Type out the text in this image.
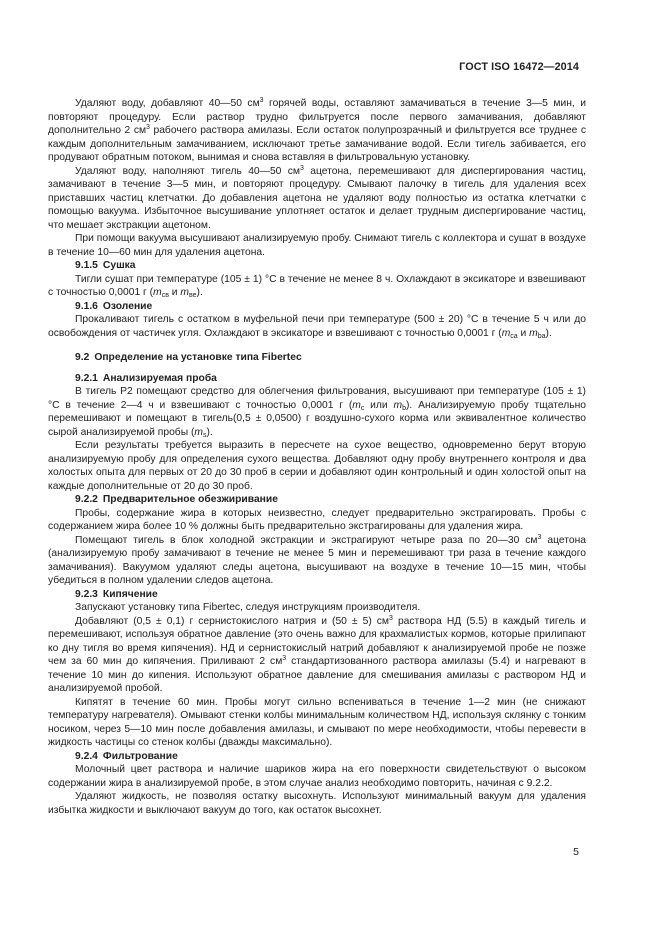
ГОСТ ISO 16472—2014

Удаляют воду, добавляют 40—50 $см^3$ горячей воды, оставляют замачиваться в течение 3—5 мин, и повторяют процедуру. Если раствор трудно фильтруется после первого замачивания, добавляют дополнительно 2 $см^3$ рабочего раствора амилазы. Если остаток полупрозрачный и фильтруется все труднее с каждым дополнительным замачиванием, исключают третье замачивание водой. Если тигель забивается, его продувают обратным потоком, вынимая и снова вставляя в фильтровальную установку.

Удаляют воду, наполняют тигель 40—50 $см^3$ ацетона, перемешивают для диспергирования частиц, замачивают в течение 3—5 мин, и повторяют процедуру. Смывают палочку в тигель для удаления всех приставших частиц клетчатки. До добавления ацетона не удаляют воду полностью из остатка клетчатки с помощью вакуума. Избыточное высушивание уплотняет остаток и делает трудным диспергирование частиц, что мешает экстракции ацетоном.

При помощи вакуума высушивают анализируемую пробу. Снимают тигель с коллектора и сушат в воздухе в течение 10—60 мин для удаления ацетона.

9.1.5 Сушка

Тигли сушат при температуре (105 ± 1) °С в течение не менее 8 ч. Охлаждают в эксикаторе и взвешивают с точностью 0,0001 г ($m_{св}$ и $m_{ве}$).

9.1.6 Озоление

Прокаливают тигель с остатком в муфельной печи при температуре (500 ± 20) °С в течение 5 ч или до освобождения от частичек угля. Охлаждают в эксикаторе и взвешивают с точностью 0,0001 г ($m_{са}$ и $m_{ba}$).

9.2 Определение на установке типа Fibertec

9.2.1 Анализируемая проба

В тигель Р2 помещают средство для облегчения фильтрования, высушивают при температуре (105 ± 1) °С в течение 2—4 ч и взвешивают с точностью 0,0001 г ($m_c$ или $m_b$). Анализируемую пробу тщательно перемешивают и помещают в тигель(0,5 ± 0,0500) г воздушно-сухого корма или эквивалентное количество сырой анализируемой пробы $(m_s)$.

Если результаты требуется выразить в пересчете на сухое вещество, одновременно берут вторую анализируемую пробу для определения сухого вещества. Добавляют одну пробу внутреннего контроля и два холостых опыта для первых от 20 до 30 проб в серии и добавляют один контрольный и один холостой опыт на каждые дополнительные от 20 до 30 проб.

9.2.2 Предварительное обезжиривание

Пробы, содержание жира в которых неизвестно, следует предварительно экстрагировать. Пробы с содержанием жира более 10 % должны быть предварительно экстрагированы для удаления жира.

Помещают тигель в блок холодной экстракции и экстрагируют четыре раза по 20—30 $см^3$ ацетона (анализируемую пробу замачивают в течение не менее 5 мин и перемешивают три раза в течение каждого замачивания). Вакуумом удаляют следы ацетона, высушивают на воздухе в течение 10—15 мин, чтобы убедиться в полном удалении следов ацетона.

9.2.3 Кипячение

Запускают установку типа Fibertec, следуя инструкциям производителя.

Добавляют (0,5 ± 0,1) г сернистокислого натрия и (50 ± 5) $см^3$ раствора НД (5.5) в каждый тигель и перемешивают, используя обратное давление (это очень важно для крахмалистых кормов, которые прилипают ко дну тигля во время кипячения). НД и сернистокислый натрий добавляют к анализируемой пробе не позже чем за 60 мин до кипячения. Приливают 2 $см^3$ стандартизованного раствора амилазы (5.4) и нагревают в течение 10 мин до кипения. Используют обратное давление для смешивания амилазы с раствором НД и анализируемой пробой.

Кипятят в течение 60 мин. Пробы могут сильно вспениваться в течение 1—2 мин (не снижают температуру нагревателя). Омывают стенки колбы минимальным количеством НД, используя склянку с тонким носиком, через 5—10 мин после добавления амилазы, и смывают по мере необходимости, чтобы перевести в жидкость частицы со стенок колбы (дважды максимально).

9.2.4 Фильтрование

Молочный цвет раствора и наличие шариков жира на его поверхности свидетельствуют о высоком содержании жира в анализируемой пробе, в этом случае анализ необходимо повторить, начиная с 9.2.2.

Удаляют жидкость, не позволяя остатку высохнуть. Используют минимальный вакуум для удаления избытка жидкости и выключают вакуум до того, как остаток высохнет.

5
